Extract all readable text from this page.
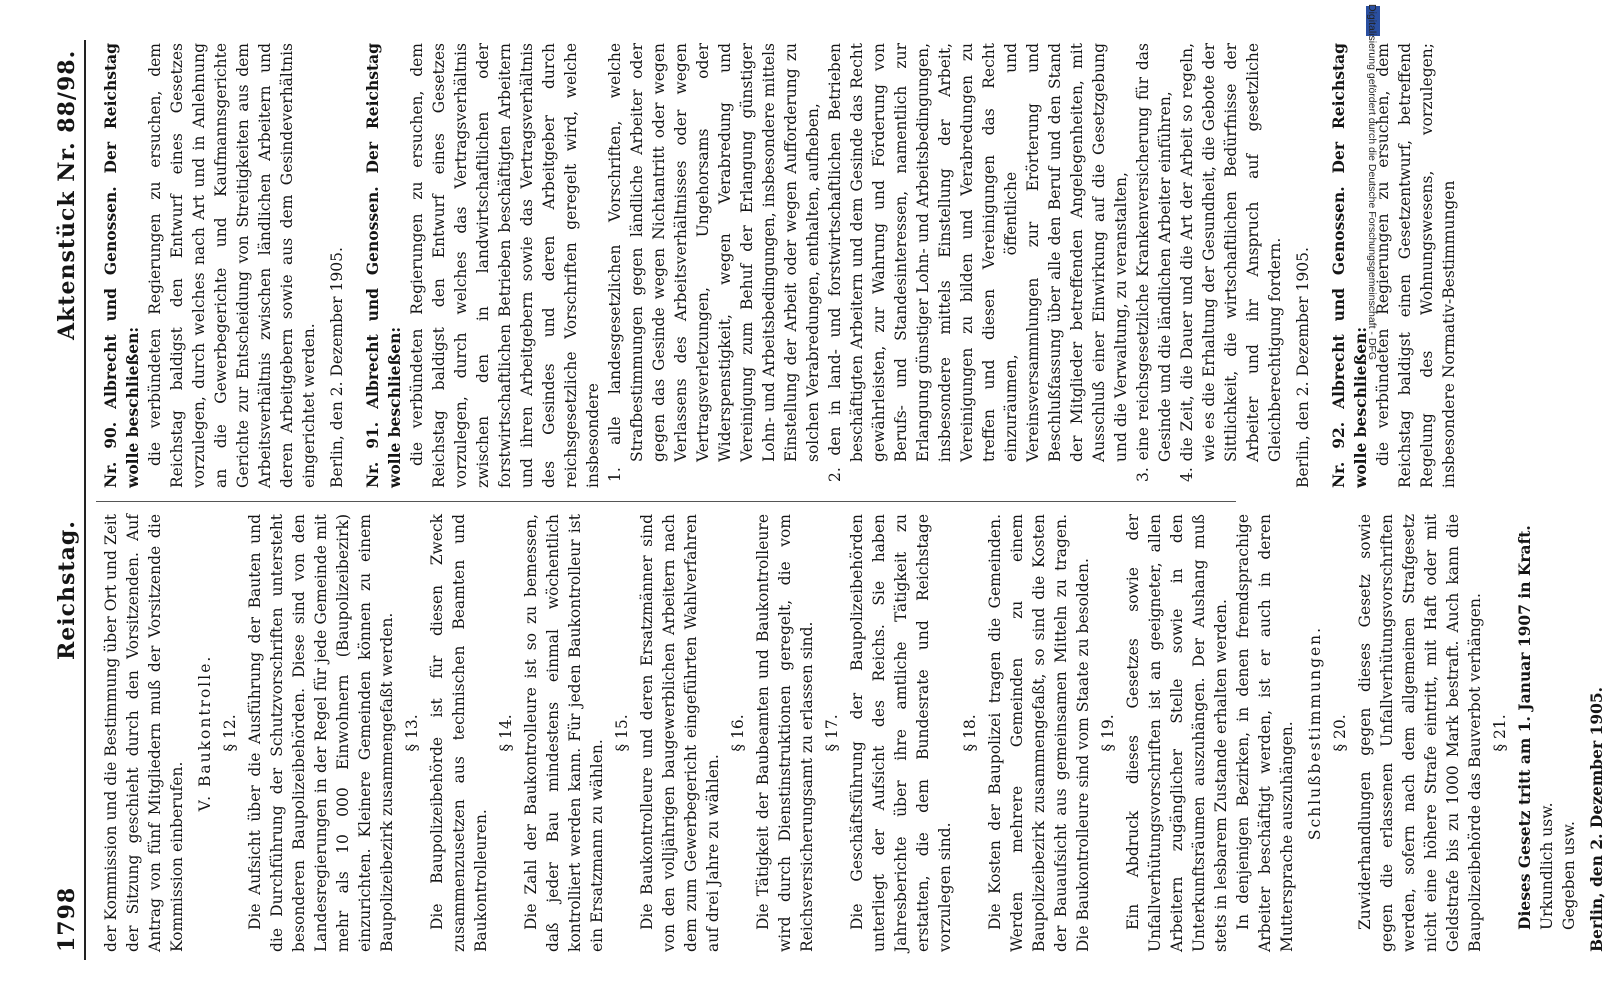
1798
Reichstag.
Aktenstück Nr. 88/98.

der Kommission und die Bestimmung über Ort und Zeit der Sitzung geschieht durch den Vorsitzenden. Auf Antrag von fünf Mitgliedern muß der Vorsitzende die Kommission einberufen.

V. Baukontrolle. § 12. Die Aufsicht über die Ausführung der Bauten und die Durchführung der Schutzvorschriften untersteht besonderen Baupolizeibehörden. Diese sind von den Landesregierungen in der Regel für jede Gemeinde mit mehr als 10 000 Einwohnern (Baupolizeibezirk) einzurichten. Kleinere Gemeinden können zu einem Baupolizeibezirk zusammengefaßt werden. § 13. Die Baupolizeibehörde ist für diesen Zweck zusammenzusetzen aus technischen Beamten und Baukontrolleuren.

§ 14. Die Zahl der Baukontrolleure ist so zu bemessen, daß jeder Bau mindestens einmal wöchentlich kontrolliert werden kann. Für jeden Baukontrolleur ist ein Ersatzmann zu wählen.

§ 15. Die Baukontrolleure und deren Ersatzmänner sind von den volljährigen baugewerblichen Arbeitern nach dem zum Gewerbegericht eingeführten Wahlverfahren auf drei Jahre zu wählen.

§ 16. Die Tätigkeit der Baubeamten und Baukontrolleure wird durch Dienstinstruktionen geregelt, die vom Reichsversicherungsamt zu erlassen sind. § 17. Die Geschäftsführung der Baupolizeibehörden unterliegt der Aufsicht des Reichs. Sie haben Jahresberichte über ihre amtliche Tätigkeit zu erstatten, die dem Bundesrate und Reichstage vorzulegen sind.

§ 18. Die Kosten der Baupolizei tragen die Gemeinden. Werden mehrere Gemeinden zu einem Baupolizeibezirk zusammengefaßt, so sind die Kosten der Bauaufsicht aus gemeinsamen Mitteln zu tragen. Die Baukontrolleure sind vom Staate zu besolden. § 19. Ein Abdruck dieses Gesetzes sowie der Unfallverhütungsvorschriften ist an geeigneter, allen Arbeitern zugänglicher Stelle sowie in den Unterkunftsräumen auszuhängen. Der Aushang muß stets in lesbarem Zustande erhalten werden. In denjenigen Bezirken, in denen fremdsprachige Arbeiter beschäftigt werden, ist er auch in deren Muttersprache auszuhängen. Schlußbestimmungen. § 20. Zuwiderhandlungen gegen dieses Gesetz sowie gegen die erlassenen Unfallverhütungsvorschriften werden, sofern nach dem allgemeinen Strafgesetz nicht eine höhere Strafe eintritt, mit Haft oder mit Geldstrafe bis zu 1000 Mark bestraft. Auch kann die Baupolizeibehörde das Bauverbot verhängen. § 21. Dieses Gesetz tritt am 1. Januar 1907 in Kraft. Urkundlich usw. Gegeben usw. Berlin, den 2. Dezember 1905.

Nr. 90. Albrecht und Genossen. Der Reichstag wolle beschließen: die verbündeten Regierungen zu ersuchen, dem Reichstag baldigst den Entwurf eines Gesetzes vorzulegen, durch welches nach Art und in Anlehnung an die Gewerbegerichte und Kaufmannsgerichte Gerichte zur Entscheidung von Streitigkeiten aus dem Arbeitsverhältnis zwischen ländlichen Arbeitern und deren Arbeitgebern sowie aus dem Gesindeverhältnis eingerichtet werden. Berlin, den 2. Dezember 1905. Nr. 91. Albrecht und Genossen. Der Reichstag wolle beschließen: die verbündeten Regierungen zu ersuchen, dem Reichstag baldigst den Entwurf eines Gesetzes vorzulegen, durch welches das Vertragsverhältnis zwischen den in landwirtschaftlichen oder forstwirtschaftlichen Betrieben beschäftigten Arbeitern und ihren Arbeitgebern sowie das Vertragsverhältnis des Gesindes und deren Arbeitgeber durch reichsgesetzliche Vorschriften geregelt wird, welche insbesondere 1. alle landesgesetzlichen Vorschriften, welche Strafbestimmungen gegen ländliche Arbeiter oder gegen das Gesinde wegen Nichtantritt oder wegen Verlassens des Arbeitsverhältnisses oder wegen Vertragsverletzungen, Ungehorsams oder Widerspenstigkeit, wegen Verabredung und Vereinigung zum Behuf der Erlangung günstiger Lohn- und Arbeitsbedingungen, insbesondere mittels Einstellung der Arbeit oder wegen Aufforderung zu solchen Verabredungen, enthalten, aufheben, 2. den in land- und forstwirtschaftlichen Betrieben beschäftigten Arbeitern und dem Gesinde das Recht gewährleisten, zur Wahrung und Förderung von Berufs- und Standesinteressen, namentlich zur Erlangung günstiger Lohn- und Arbeitsbedingungen, insbesondere mittels Einstellung der Arbeit, Vereinigungen zu bilden und Verabredungen zu treffen und diesen Vereinigungen das Recht einzuräumen, öffentliche und Vereinsversammlungen zur Erörterung und Beschlußfassung über alle den Beruf und den Stand der Mitglieder betreffenden Angelegenheiten, mit Ausschluß einer Einwirkung auf die Gesetzgebung und die Verwaltung, zu veranstalten, 3. eine reichsgesetzliche Krankenversicherung für das Gesinde und die ländlichen Arbeiter einführen, 4. die Zeit, die Dauer und die Art der Arbeit so regeln, wie es die Erhaltung der Gesundheit, die Gebote der Sittlichkeit, die wirtschaftlichen Bedürfnisse der Arbeiter und ihr Anspruch auf gesetzliche Gleichberechtigung fordern. Berlin, den 2. Dezember 1905. Nr. 92. Albrecht und Genossen. Der Reichstag wolle beschließen: die verbündeten Regierungen zu ersuchen, dem Reichstag baldigst einen Gesetzentwurf, betreffend Regelung des Wohnungswesens, vorzulegen; insbesondere Normativ-Bestimmungen

Digitalisierung gefördert durch die Deutsche Forschungsgemeinschaft - DFG
